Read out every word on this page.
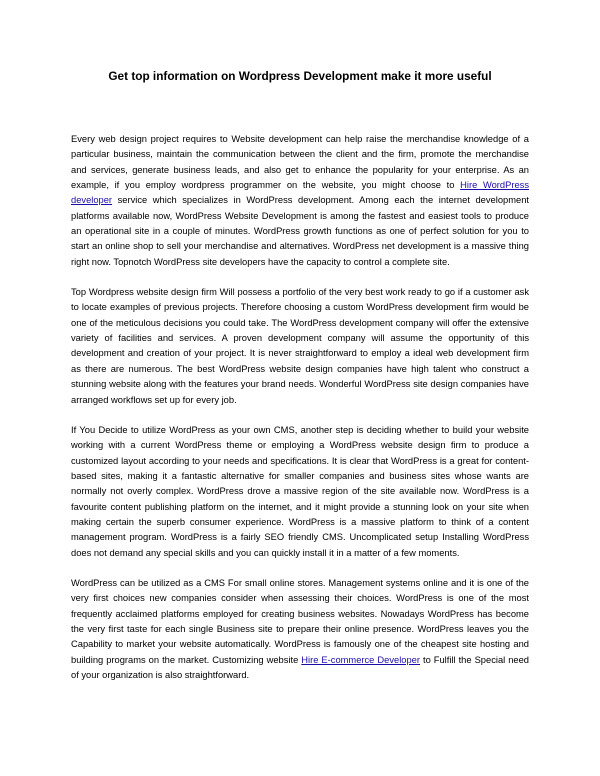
Get top information on Wordpress Development make it more useful

Every web design project requires to Website development can help raise the merchandise knowledge of a particular business, maintain the communication between the client and the firm, promote the merchandise and services, generate business leads, and also get to enhance the popularity for your enterprise. As an example, if you employ wordpress programmer on the website, you might choose to Hire WordPress developer service which specializes in WordPress development. Among each the internet development platforms available now, WordPress Website Development is among the fastest and easiest tools to produce an operational site in a couple of minutes. WordPress growth functions as one of perfect solution for you to start an online shop to sell your merchandise and alternatives. WordPress net development is a massive thing right now. Topnotch WordPress site developers have the capacity to control a complete site.

Top Wordpress website design firm Will possess a portfolio of the very best work ready to go if a customer ask to locate examples of previous projects. Therefore choosing a custom WordPress development firm would be one of the meticulous decisions you could take. The WordPress development company will offer the extensive variety of facilities and services. A proven development company will assume the opportunity of this development and creation of your project. It is never straightforward to employ a ideal web development firm as there are numerous. The best WordPress website design companies have high talent who construct a stunning website along with the features your brand needs. Wonderful WordPress site design companies have arranged workflows set up for every job.

If You Decide to utilize WordPress as your own CMS, another step is deciding whether to build your website working with a current WordPress theme or employing a WordPress website design firm to produce a customized layout according to your needs and specifications. It is clear that WordPress is a great for content-based sites, making it a fantastic alternative for smaller companies and business sites whose wants are normally not overly complex. WordPress drove a massive region of the site available now. WordPress is a favourite content publishing platform on the internet, and it might provide a stunning look on your site when making certain the superb consumer experience. WordPress is a massive platform to think of a content management program. WordPress is a fairly SEO friendly CMS. Uncomplicated setup Installing WordPress does not demand any special skills and you can quickly install it in a matter of a few moments.

WordPress can be utilized as a CMS For small online stores. Management systems online and it is one of the very first choices new companies consider when assessing their choices. WordPress is one of the most frequently acclaimed platforms employed for creating business websites. Nowadays WordPress has become the very first taste for each single Business site to prepare their online presence. WordPress leaves you the Capability to market your website automatically. WordPress is famously one of the cheapest site hosting and building programs on the market. Customizing website Hire E-commerce Developer to Fulfill the Special need of your organization is also straightforward.
